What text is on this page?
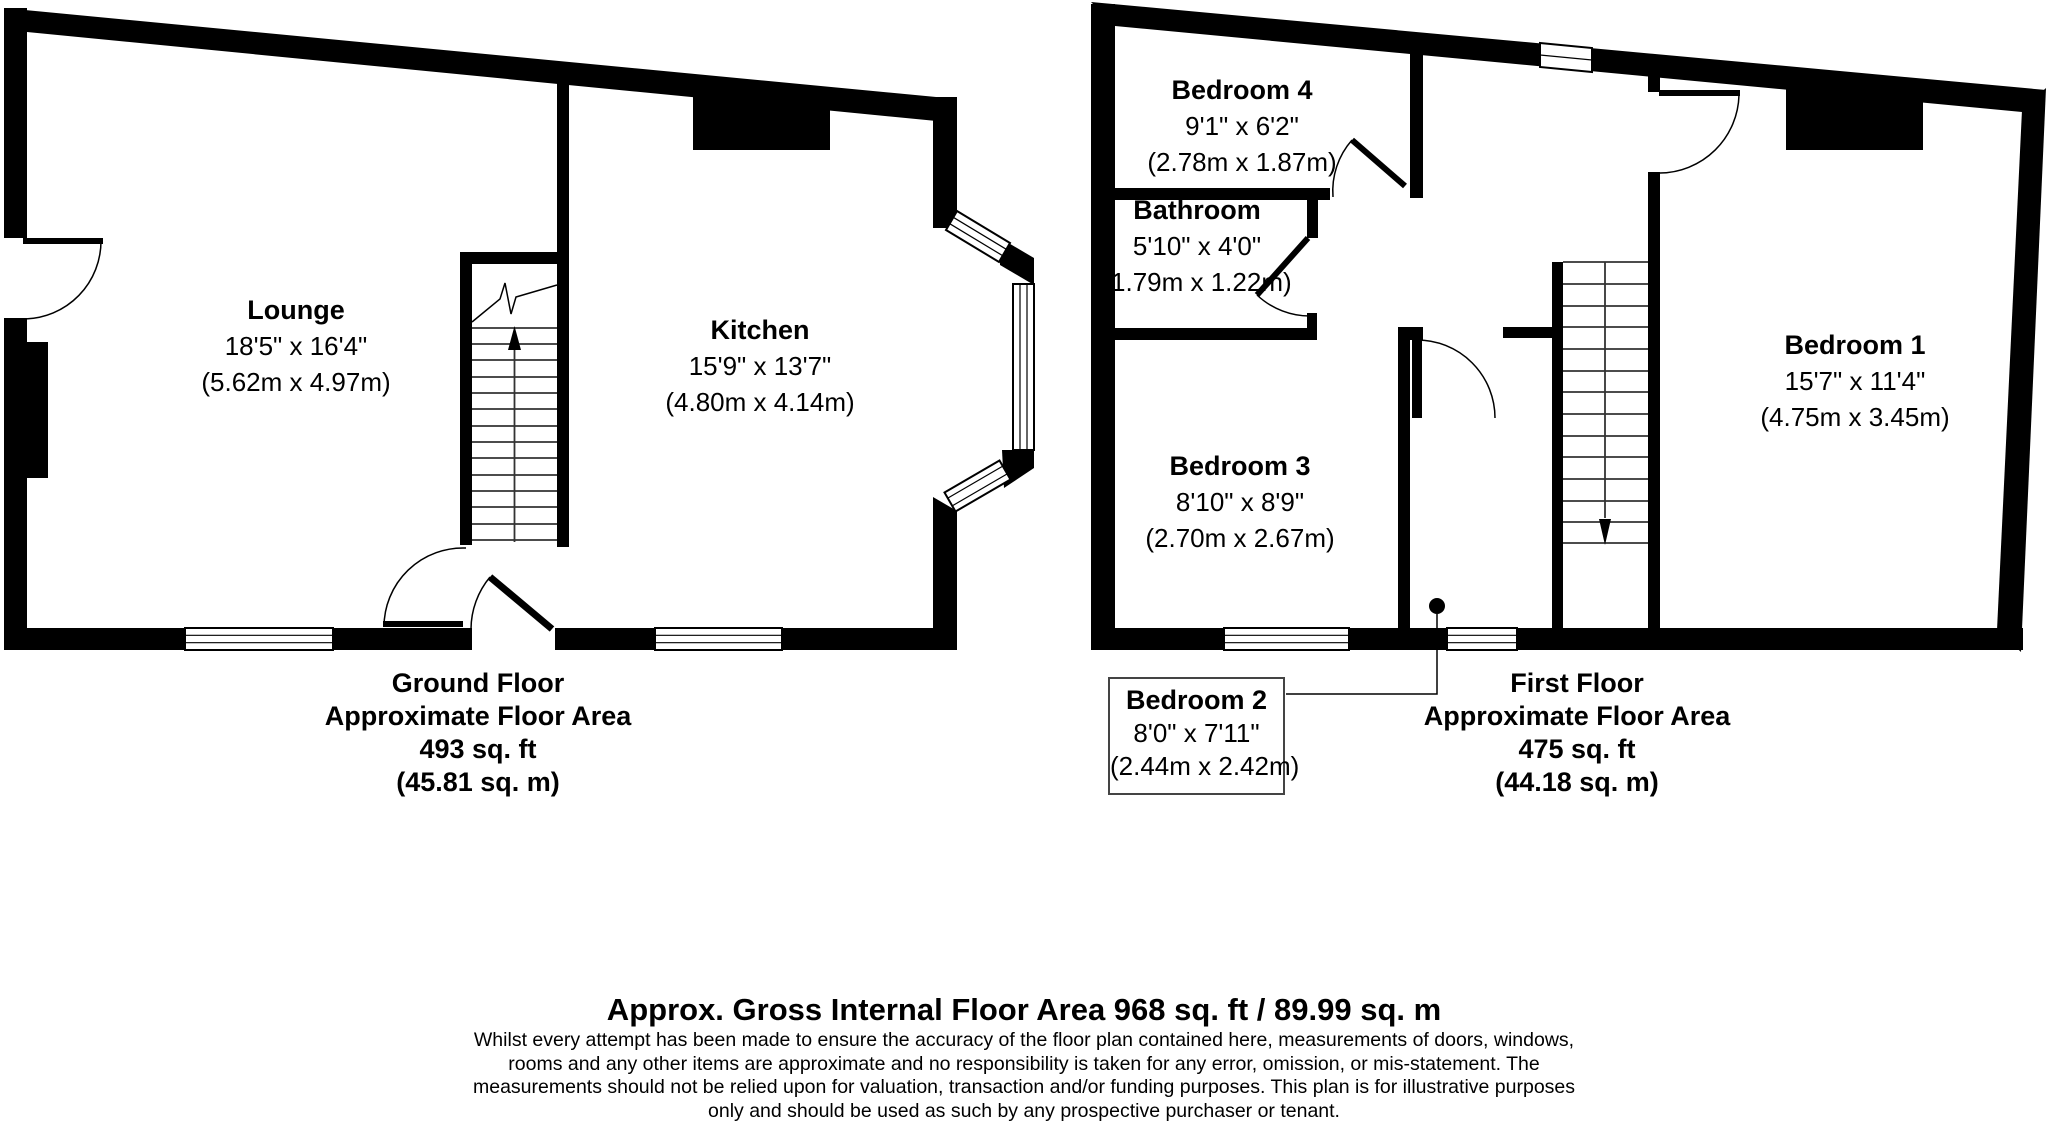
Lounge
18'5" x 16'4"
(5.62m x 4.97m)
Kitchen
15'9" x 13'7"
(4.80m x 4.14m)
Bedroom 4
9'1" x 6'2"
(2.78m x 1.87m)
Bathroom
5'10" x 4'0"
(1.79m x 1.22m)
Bedroom 3
8'10" x 8'9"
(2.70m x 2.67m)
Bedroom 1
15'7" x 11'4"
(4.75m x 3.45m)
Bedroom 2
8'0" x 7'11"
(2.44m x 2.42m)
Ground Floor
Approximate Floor Area
493 sq. ft
(45.81 sq. m)
First Floor
Approximate Floor Area
475 sq. ft
(44.18 sq. m)
Approx. Gross Internal Floor Area 968 sq. ft / 89.99 sq. m
Whilst every attempt has been made to ensure the accuracy of the floor plan contained here, measurements of doors, windows,
rooms and any other items are approximate and no responsibility is taken for any error, omission, or mis-statement. The
measurements should not be relied upon for valuation, transaction and/or funding purposes. This plan is for illustrative purposes
only and should be used as such by any prospective purchaser or tenant.
